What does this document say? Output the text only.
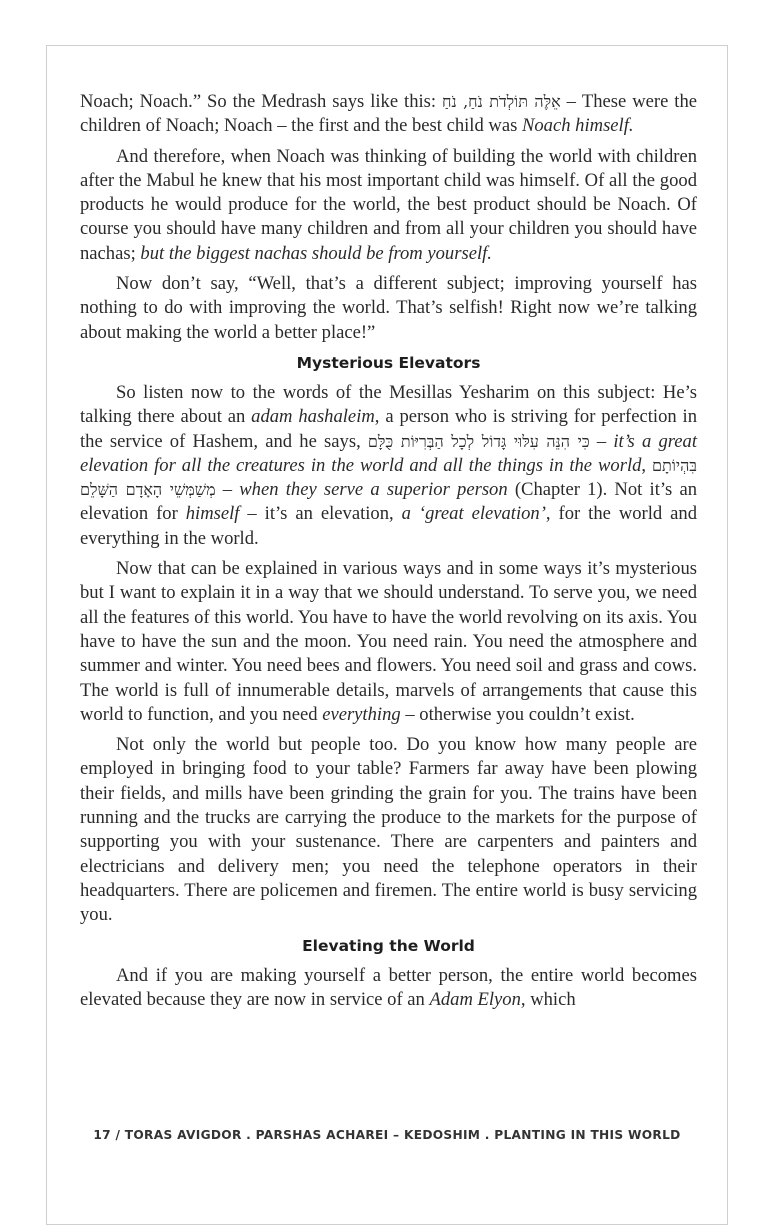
Noach; Noach.” So the Medrash says like this: אֵלֶּה תּוֹלְדֹת נֹחַ, נֹחַ – These were the children of Noach; Noach – the first and the best child was Noach himself.

And therefore, when Noach was thinking of building the world with children after the Mabul he knew that his most important child was himself. Of all the good products he would produce for the world, the best product should be Noach. Of course you should have many children and from all your children you should have nachas; but the biggest nachas should be from yourself.

Now don’t say, “Well, that’s a different subject; improving yourself has nothing to do with improving the world. That’s selfish! Right now we’re talking about making the world a better place!”

Mysterious Elevators

So listen now to the words of the Mesillas Yesharim on this subject: He’s talking there about an adam hashaleim, a person who is striving for perfection in the service of Hashem, and he says, כִּי הִנֵּה עִלּוּי גָּדוֹל לְכָל הַבְּרִיּוֹת כֻּלָּם – it’s a great elevation for all the creatures in the world and all the things in the world, בִּהְיוֹתָם מְשַׁמְּשֵׁי הָאָדָם הַשָּׁלֵם – when they serve a superior person (Chapter 1). Not it’s an elevation for himself – it’s an elevation, a ‘great elevation’, for the world and everything in the world.

Now that can be explained in various ways and in some ways it’s mysterious but I want to explain it in a way that we should understand. To serve you, we need all the features of this world. You have to have the world revolving on its axis. You have to have the sun and the moon. You need rain. You need the atmosphere and summer and winter. You need bees and flowers. You need soil and grass and cows. The world is full of innumerable details, marvels of arrangements that cause this world to function, and you need everything – otherwise you couldn’t exist.

Not only the world but people too. Do you know how many people are employed in bringing food to your table? Farmers far away have been plowing their fields, and mills have been grinding the grain for you. The trains have been running and the trucks are carrying the produce to the markets for the purpose of supporting you with your sustenance. There are carpenters and painters and electricians and delivery men; you need the telephone operators in their headquarters. There are policemen and firemen. The entire world is busy servicing you.

Elevating the World

And if you are making yourself a better person, the entire world becomes elevated because they are now in service of an Adam Elyon, which

17 / TORAS AVIGDOR . PARSHAS ACHAREI – KEDOSHIM . PLANTING IN THIS WORLD
